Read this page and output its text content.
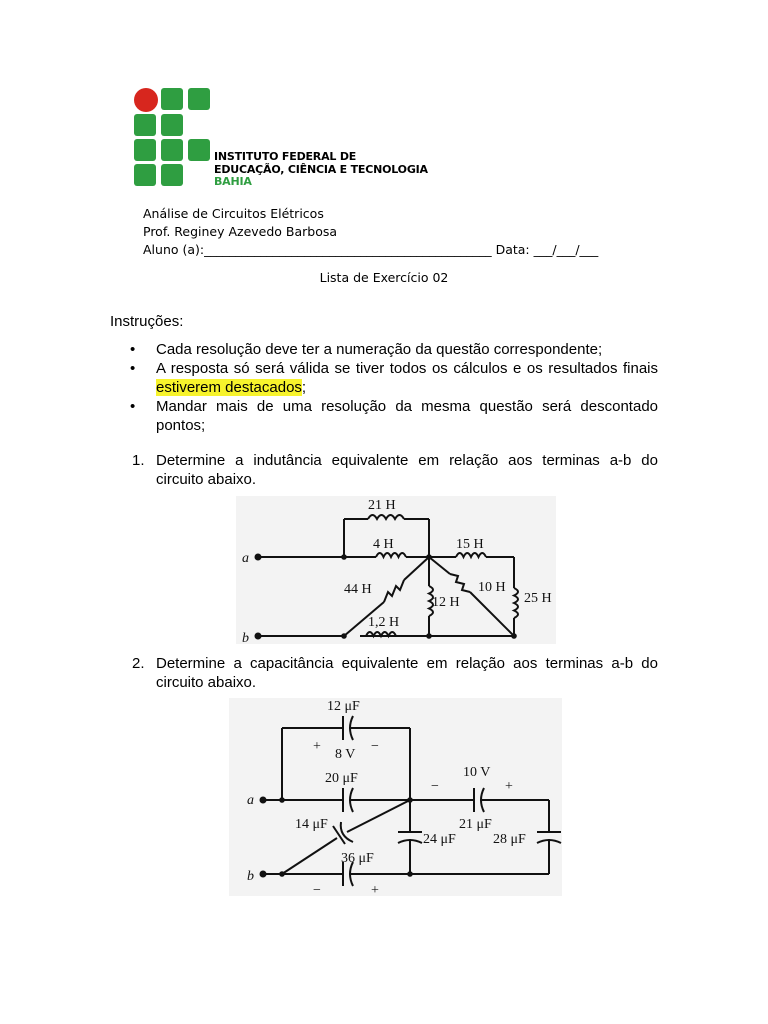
INSTITUTO FEDERAL DE
EDUCAÇÃO, CIÊNCIA E TECNOLOGIA
BAHIA
Análise de Circuitos Elétricos
Prof. Reginey Azevedo Barbosa
Aluno (a):______________________________________________ Data: ___/___/___
Lista de Exercício 02
Instruções:
• Cada resolução deve ter a numeração da questão correspondente;
• A resposta só será válida se tiver todos os cálculos e os resultados finais
estiverem destacados;
• Mandar mais de uma resolução da mesma questão será descontado
pontos;
1. Determine a indutância equivalente em relação aos terminas a-b do
circuito abaixo.
a
b
21 H
4 H	15 H
44 H
12 H
10 H
25 H
1,2 H
2. Determine a capacitância equivalente em relação aos terminas a-b do
circuito abaixo.
a
b
12 μF
8 V
+	−
20 μF	10 V
−	+
14 μF	21 μF
24 μF	28 μF
36 μF
−	+
